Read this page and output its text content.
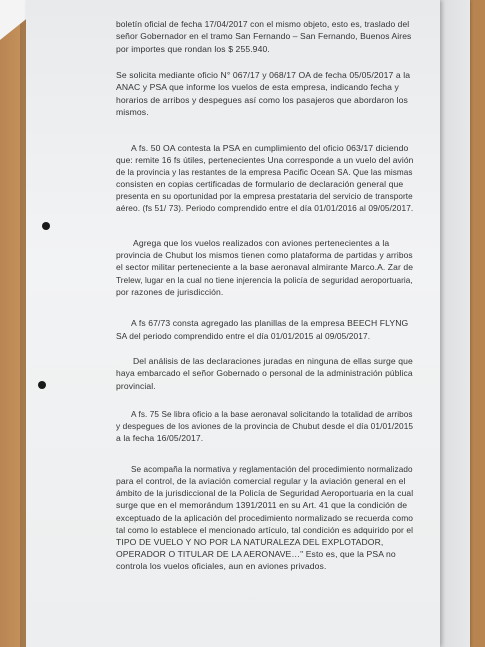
boletín oficial de fecha 17/04/2017 con el mismo objeto, esto es, traslado del
señor Gobernador en el tramo San Fernando – San Fernando, Buenos Aires
por importes que rondan los $ 255.940.
Se solicita mediante oficio N° 067/17 y 068/17 OA de fecha 05/05/2017 a la
ANAC y PSA que informe los vuelos de esta empresa, indicando fecha y
horarios de arribos y despegues así como los pasajeros que abordaron los
mismos.
A fs. 50 OA contesta la PSA en cumplimiento del oficio 063/17 diciendo
que: remite 16 fs útiles, pertenecientes Una corresponde a un vuelo del avión
de la provincia y las restantes de la empresa Pacific Ocean SA. Que las mismas
consisten en copias certificadas de formulario de declaración general que
presenta en su oportunidad por la empresa prestataria del servicio de transporte
aéreo. (fs 51/ 73). Periodo comprendido entre el día 01/01/2016 al 09/05/2017.
Agrega que los vuelos realizados con aviones pertenecientes a la
provincia de Chubut los mismos tienen como plataforma de partidas y arribos
el sector militar perteneciente a la base aeronaval almirante Marco.A. Zar de
Trelew, lugar en la cual no tiene injerencia la policía de seguridad aeroportuaria,
por razones de jurisdicción.
A fs 67/73 consta agregado las planillas de la empresa BEECH FLYNG
SA del periodo comprendido entre el día 01/01/2015 al 09/05/2017.
Del análisis de las declaraciones juradas en ninguna de ellas surge que
haya embarcado el señor Gobernado o personal de la administración pública
provincial.
A fs. 75 Se libra oficio a la base aeronaval solicitando la totalidad de arribos
y despegues de los aviones de la provincia de Chubut desde el día 01/01/2015
a la fecha 16/05/2017.
Se acompaña la normativa y reglamentación del procedimiento normalizado
para el control, de la aviación comercial regular y la aviación general en el
ámbito de la jurisdiccional de la Policía de Seguridad Aeroportuaria en la cual
surge que en el memorándum 1391/2011 en su Art. 41 que la condición de
exceptuado de la aplicación del procedimiento normalizado se recuerda como
tal como lo establece el mencionado artículo, tal condición es adquirido por el
TIPO DE VUELO Y NO POR LA NATURALEZA DEL EXPLOTADOR,
OPERADOR O TITULAR DE LA AERONAVE…" Esto es, que la PSA no
controla los vuelos oficiales, aun en aviones privados.
